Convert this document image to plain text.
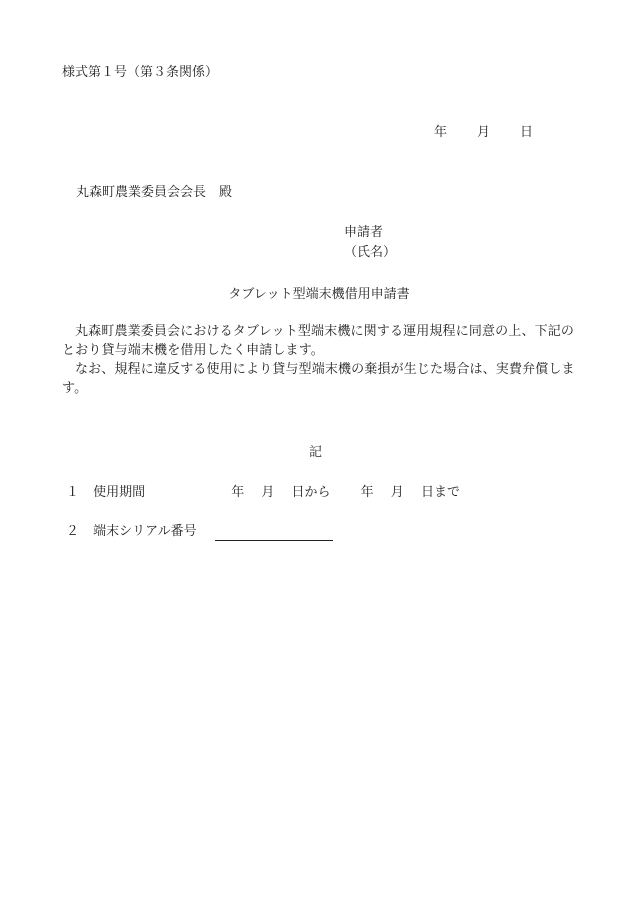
様式第１号（第３条関係）
年 月 日
丸森町農業委員会会長　殿
申請者
（氏名）
タブレット型端末機借用申請書

丸森町農業委員会におけるタブレット型端末機に関する運用規程に同意の上、下記のとおり貸与端末機を借用したく申請します。

なお、規程に違反する使用により貸与型端末機の棄損が生じた場合は、実費弁償します。

記
１ 使用期間	年　 月　 日から　　 年　 月　 日まで
２ 端末シリアル番号
